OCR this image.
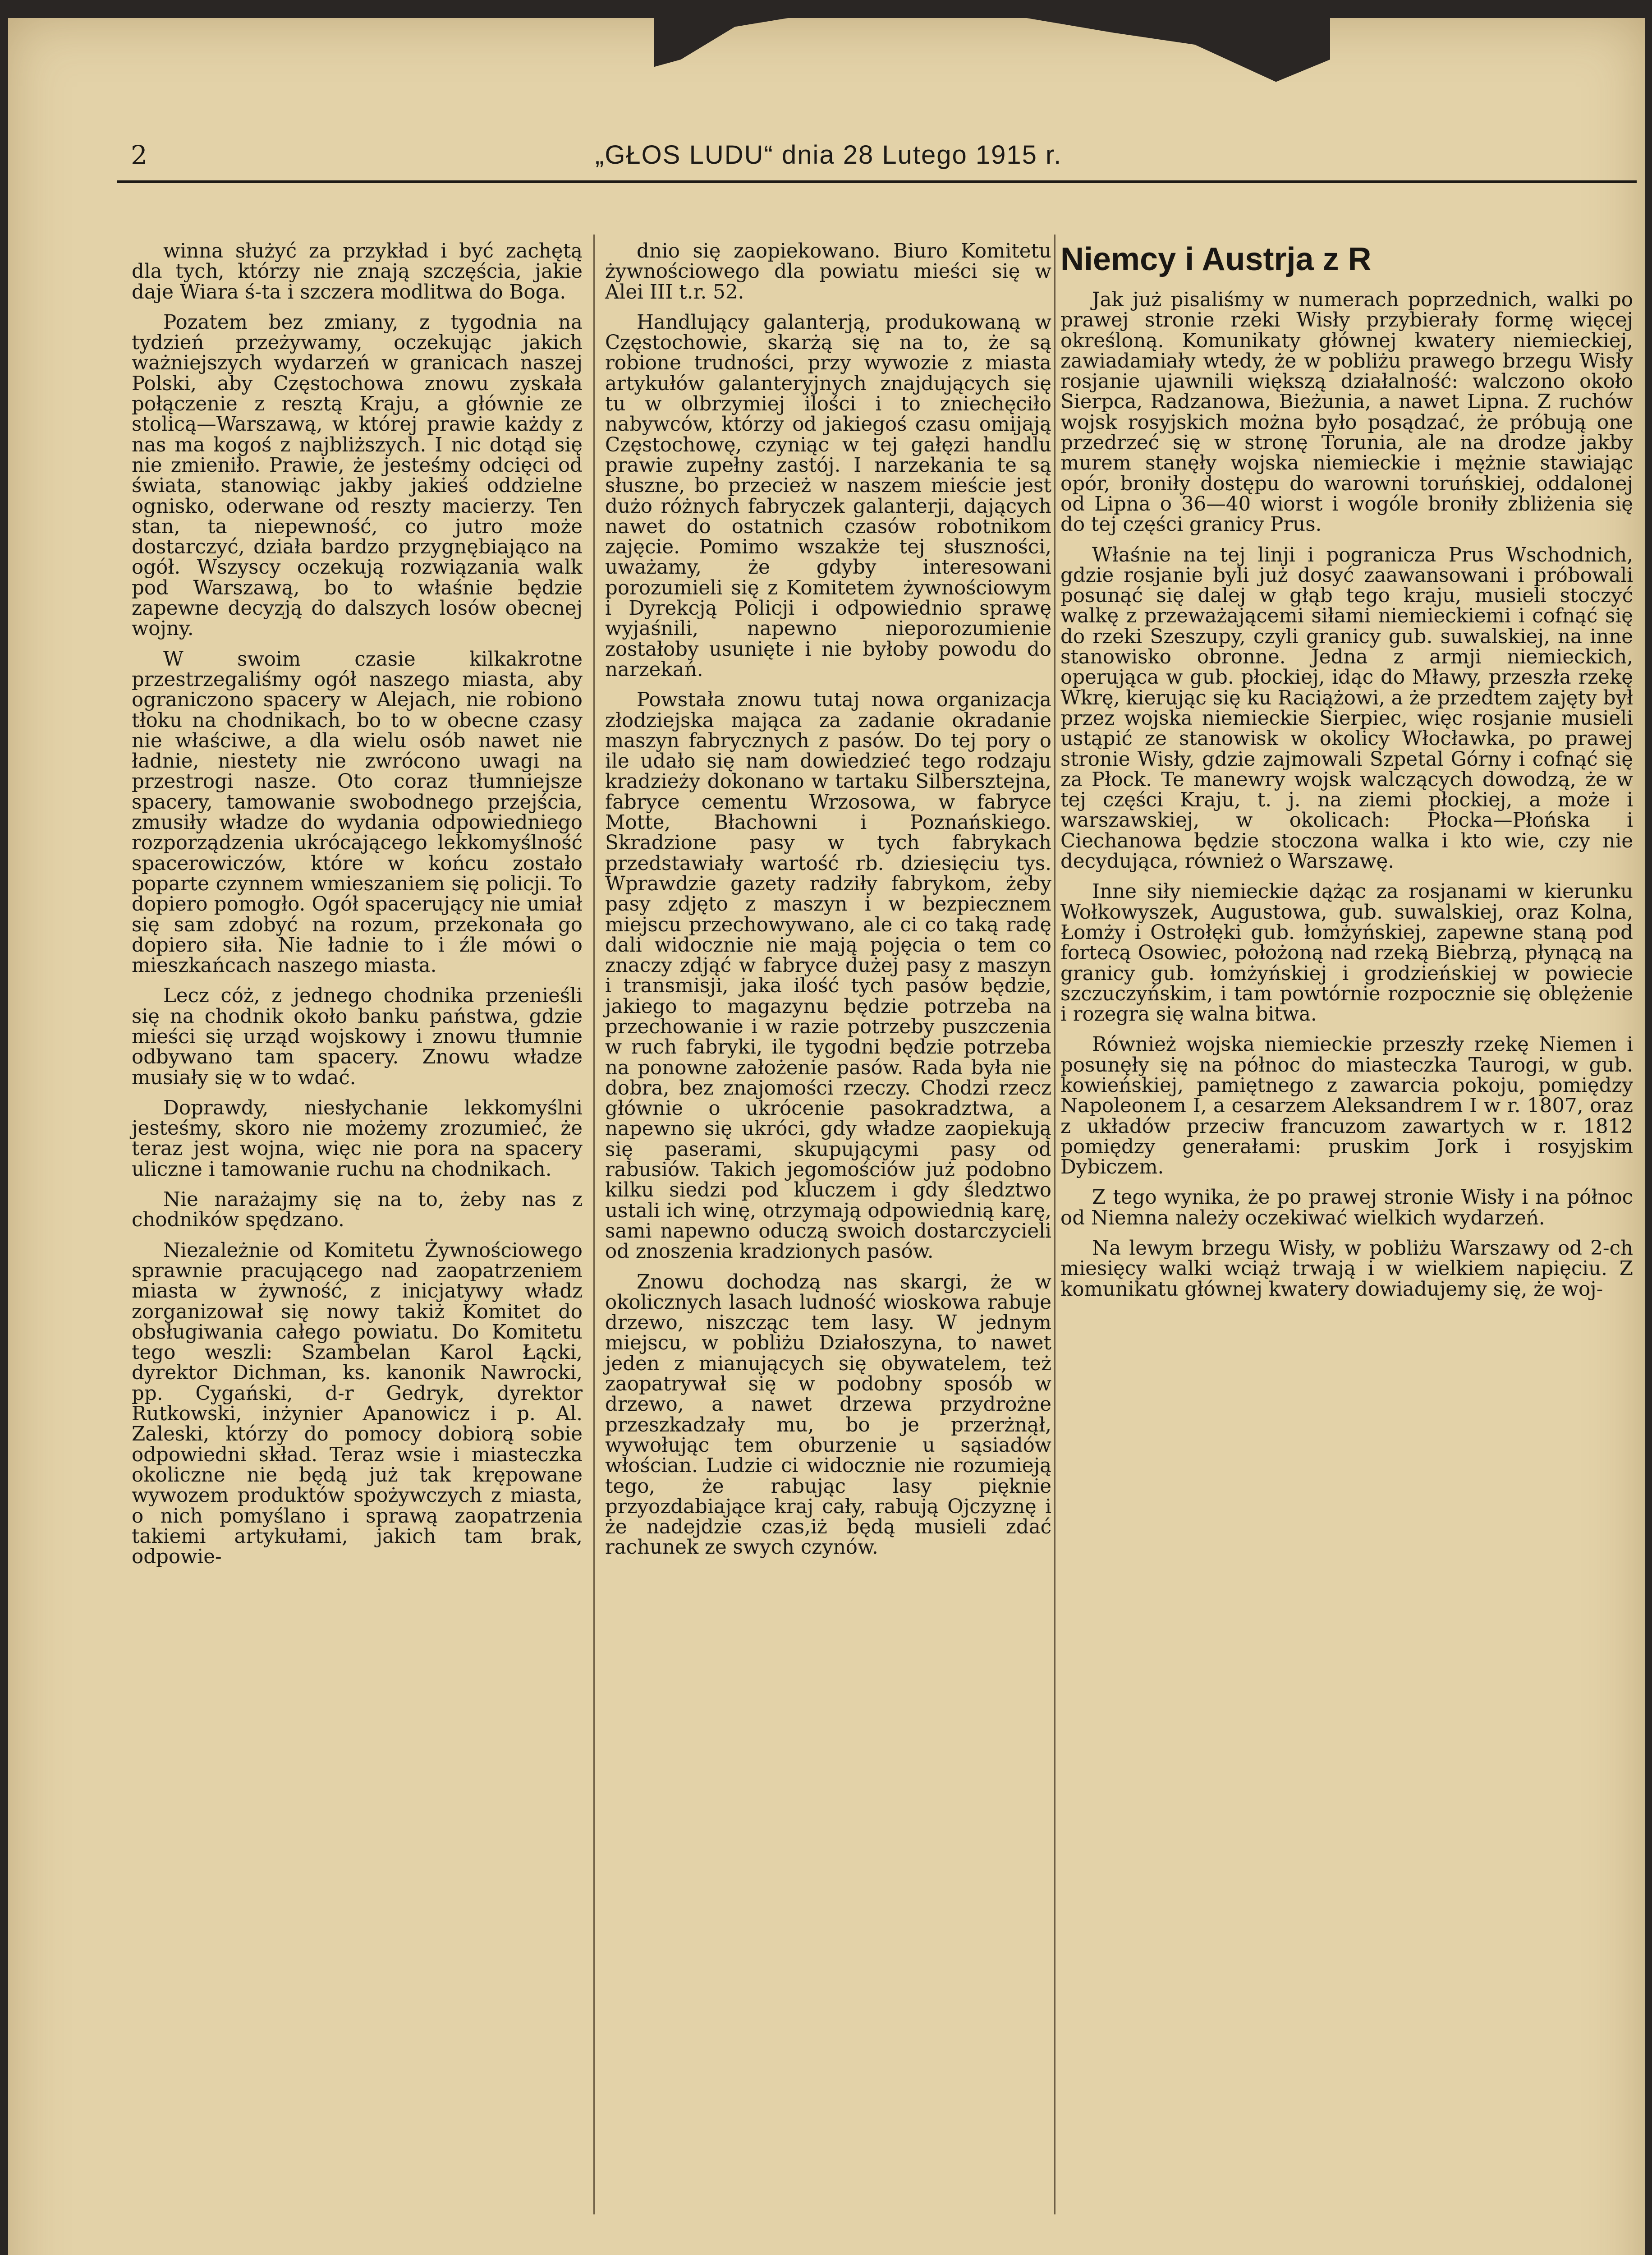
2	„GŁOS LUDU“ dnia 28 Lutego 1915 r.

winna służyć za przykład i być zachętą dla tych, którzy nie znają szczęścia, jakie daje Wiara ś-ta i szczera modlitwa do Boga.

Pozatem bez zmiany, z tygodnia na tydzień przeżywamy, oczekując jakich ważniejszych wydarzeń w granicach naszej Polski, aby Częstochowa znowu zyskała połączenie z resztą Kraju, a głównie ze stolicą—Warszawą, w której prawie każdy z nas ma kogoś z najbliższych. I nic dotąd się nie zmieniło. Prawie, że jesteśmy odcięci od świata, stanowiąc jakby jakieś oddzielne ognisko, oderwane od reszty macierzy. Ten stan, ta niepewność, co jutro może dostarczyć, działa bardzo przygnębiająco na ogół. Wszyscy oczekują rozwiązania walk pod Warszawą, bo to właśnie będzie zapewne decyzją do dalszych losów obecnej wojny.

W swoim czasie kilkakrotne przestrzegaliśmy ogół naszego miasta, aby ograniczono spacery w Alejach, nie robiono tłoku na chodnikach, bo to w obecne czasy nie właściwe, a dla wielu osób nawet nie ładnie, niestety nie zwrócono uwagi na przestrogi nasze. Oto coraz tłumniejsze spacery, tamowanie swobodnego przejścia, zmusiły władze do wydania odpowiedniego rozporządzenia ukrócającego lekkomyślność spacerowiczów, które w końcu zostało poparte czynnem wmieszaniem się policji. To dopiero pomogło. Ogół spacerujący nie umiał się sam zdobyć na rozum, przekonała go dopiero siła. Nie ładnie to i źle mówi o mieszkańcach naszego miasta.

Lecz cóż, z jednego chodnika przenieśli się na chodnik około banku państwa, gdzie mieści się urząd wojskowy i znowu tłumnie odbywano tam spacery. Znowu władze musiały się w to wdać.

Doprawdy, niesłychanie lekkomyślni jesteśmy, skoro nie możemy zrozumieć, że teraz jest wojna, więc nie pora na spacery uliczne i tamowanie ruchu na chodnikach.

Nie narażajmy się na to, żeby nas z chodników spędzano.

Niezależnie od Komitetu Żywnościowego sprawnie pracującego nad zaopatrzeniem miasta w żywność, z inicjatywy władz zorganizował się nowy takiż Komitet do obsługiwania całego powiatu. Do Komitetu tego weszli: Szambelan Karol Łącki, dyrektor Dichman, ks. kanonik Nawrocki, pp. Cygański, d-r Gedryk, dyrektor Rutkowski, inżynier Apanowicz i p. Al. Zaleski, którzy do pomocy dobiorą sobie odpowiedni skład. Teraz wsie i miasteczka okoliczne nie będą już tak krępowane wywozem produktów spożywczych z miasta, o nich pomyślano i sprawą zaopatrzenia takiemi artykułami, jakich tam brak, odpowie-

dnio się zaopiekowano. Biuro Komitetu żywnościowego dla powiatu mieści się w Alei III t.r. 52.

Handlujący galanterją, produkowaną w Częstochowie, skarżą się na to, że są robione trudności, przy wywozie z miasta artykułów galanteryjnych znajdujących się tu w olbrzymiej ilości i to zniechęciło nabywców, którzy od jakiegoś czasu omijają Częstochowę, czyniąc w tej gałęzi handlu prawie zupełny zastój. I narzekania te są słuszne, bo przecież w naszem mieście jest dużo różnych fabryczek galanterji, dających nawet do ostatnich czasów robotnikom zajęcie. Pomimo wszakże tej słuszności, uważamy, że gdyby interesowani porozumieli się z Komitetem żywnościowym i Dyrekcją Policji i odpowiednio sprawę wyjaśnili, napewno nieporozumienie zostałoby usunięte i nie byłoby powodu do narzekań.

Powstała znowu tutaj nowa organizacja złodziejska mająca za zadanie okradanie maszyn fabrycznych z pasów. Do tej pory o ile udało się nam dowiedzieć tego rodzaju kradzieży dokonano w tartaku Silbersztejna, fabryce cementu Wrzosowa, w fabryce Motte, Błachowni i Poznańskiego. Skradzione pasy w tych fabrykach przedstawiały wartość rb. dziesięciu tys. Wprawdzie gazety radziły fabrykom, żeby pasy zdjęto z maszyn i w bezpiecznem miejscu przechowywano, ale ci co taką radę dali widocznie nie mają pojęcia o tem co znaczy zdjąć w fabryce dużej pasy z maszyn i transmisji, jaka ilość tych pasów będzie, jakiego to magazynu będzie potrzeba na przechowanie i w razie potrzeby puszczenia w ruch fabryki, ile tygodni będzie potrzeba na ponowne założenie pasów. Rada była nie dobra, bez znajomości rzeczy. Chodzi rzecz głównie o ukrócenie pasokradztwa, a napewno się ukróci, gdy władze zaopiekują się paserami, skupującymi pasy od rabusiów. Takich jegomościów już podobno kilku siedzi pod kluczem i gdy śledztwo ustali ich winę, otrzymają odpowiednią karę, sami napewno oduczą swoich dostarczycieli od znoszenia kradzionych pasów.

Znowu dochodzą nas skargi, że w okolicznych lasach ludność wioskowa rabuje drzewo, niszcząc tem lasy. W jednym miejscu, w pobliżu Działoszyna, to nawet jeden z mianujących się obywatelem, też zaopatrywał się w podobny sposób w drzewo, a nawet drzewa przydrożne przeszkadzały mu, bo je przerżnął, wywołując tem oburzenie u sąsiadów włościan. Ludzie ci widocznie nie rozumieją tego, że rabując lasy pięknie przyozdabiające kraj cały, rabują Ojczyznę i że nadejdzie czas,iż będą musieli zdać rachunek ze swych czynów.

Niemcy i Austrja z R

Jak już pisaliśmy w numerach poprzednich, walki po prawej stronie rzeki Wisły przybierały formę więcej określoną. Komunikaty głównej kwatery niemieckiej, zawiadamiały wtedy, że w pobliżu prawego brzegu Wisły rosjanie ujawnili większą działalność: walczono około Sierpca, Radzanowa, Bieżunia, a nawet Lipna. Z ruchów wojsk rosyjskich można było posądzać, że próbują one przedrzeć się w stronę Torunia, ale na drodze jakby murem stanęły wojska niemieckie i mężnie stawiając opór, broniły dostępu do warowni toruńskiej, oddalonej od Lipna o 36—40 wiorst i wogóle broniły zbliżenia się do tej części granicy Prus.

Właśnie na tej linji i pogranicza Prus Wschodnich, gdzie rosjanie byli już dosyć zaawansowani i próbowali posunąć się dalej w głąb tego kraju, musieli stoczyć walkę z przeważającemi siłami niemieckiemi i cofnąć się do rzeki Szeszupy, czyli granicy gub. suwalskiej, na inne stanowisko obronne. Jedna z armji niemieckich, operująca w gub. płockiej, idąc do Mławy, przeszła rzekę Wkrę, kierując się ku Raciążowi, a że przedtem zajęty był przez wojska niemieckie Sierpiec, więc rosjanie musieli ustąpić ze stanowisk w okolicy Włocławka, po prawej stronie Wisły, gdzie zajmowali Szpetal Górny i cofnąć się za Płock. Te manewry wojsk walczących dowodzą, że w tej części Kraju, t. j. na ziemi płockiej, a może i warszawskiej, w okolicach: Płocka—Płońska i Ciechanowa będzie stoczona walka i kto wie, czy nie decydująca, również o Warszawę.

Inne siły niemieckie dążąc za rosjanami w kierunku Wołkowyszek, Augustowa, gub. suwalskiej, oraz Kolna, Łomży i Ostrołęki gub. łomżyńskiej, zapewne staną pod fortecą Osowiec, położoną nad rzeką Biebrzą, płynącą na granicy gub. łomżyńskiej i grodzieńskiej w powiecie szczuczyńskim, i tam powtórnie rozpocznie się oblężenie i rozegra się walna bitwa.

Również wojska niemieckie przeszły rzekę Niemen i posunęły się na północ do miasteczka Taurogi, w gub. kowieńskiej, pamiętnego z zawarcia pokoju, pomiędzy Napoleonem I, a cesarzem Aleksandrem I w r. 1807, oraz z układów przeciw francuzom zawartych w r. 1812 pomiędzy generałami: pruskim Jork i rosyjskim Dybiczem.

Z tego wynika, że po prawej stronie Wisły i na północ od Niemna należy oczekiwać wielkich wydarzeń.

Na lewym brzegu Wisły, w pobliżu Warszawy od 2-ch miesięcy walki wciąż trwają i w wielkiem napięciu. Z komunikatu głównej kwatery dowiadujemy się, że woj-
